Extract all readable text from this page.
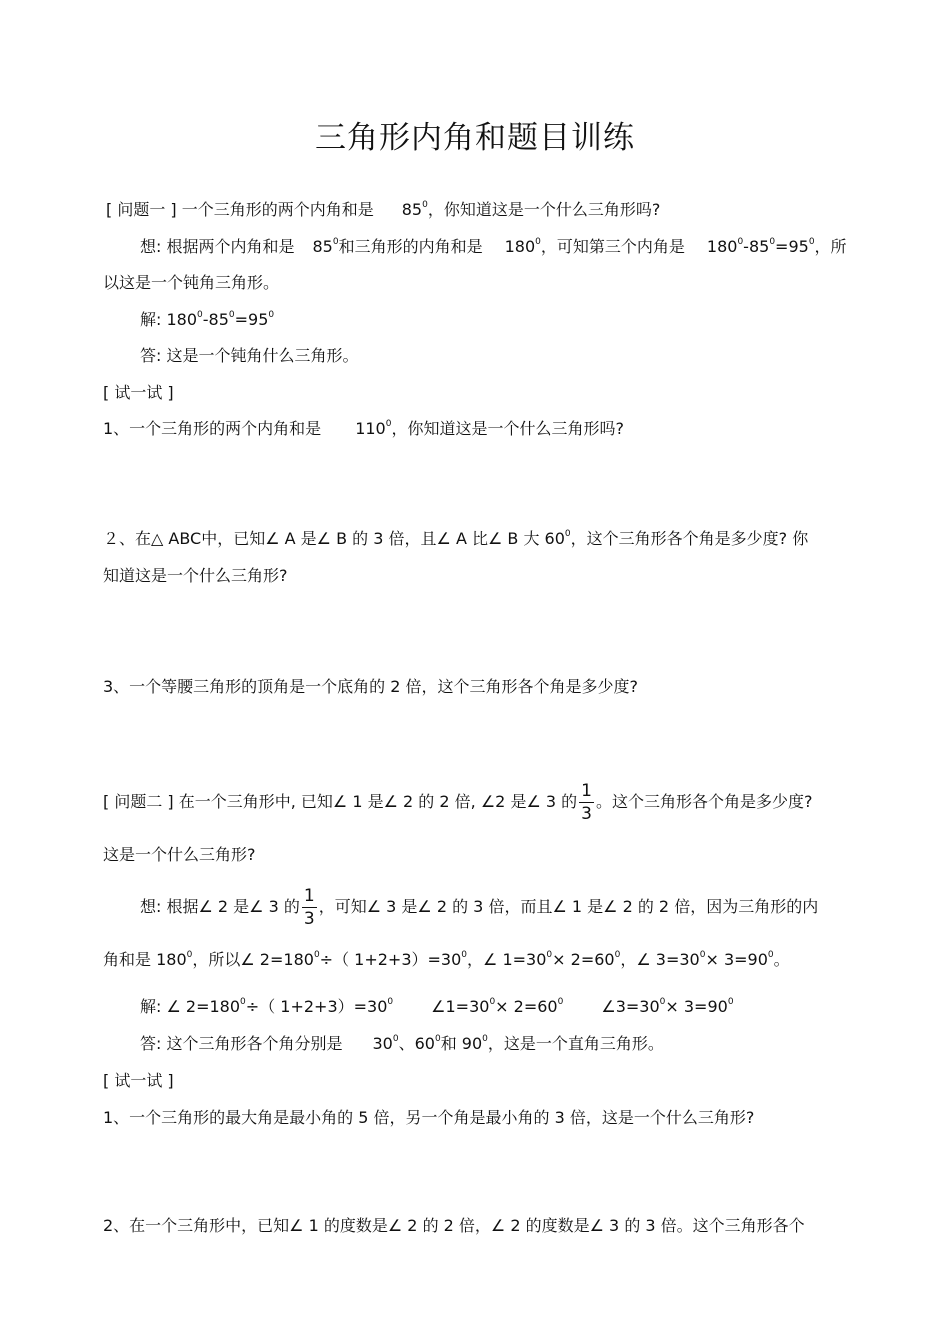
三角形内角和题目训练
[ 问题一 ] 一个三角形的两个内角和是 $85^0$，你知道这是一个什么三角形吗?
想: 根据两个内角和是 $85^0$和三角形的内角和是 $180^0$，可知第三个内角是 $180^0-85^0=95^0$，所
以这是一个钝角三角形。
解: $180^0-85^0=95^0$
答: 这是一个钝角什么三角形。
[ 试一试 ]
1、一个三角形的两个内角和是 $110^0$，你知道这是一个什么三角形吗?
２、在△ ABC中，已知∠ A 是∠ B 的 3 倍，且∠ A 比∠ B 大 $60^0$，这个三角形各个角是多少度? 你
知道这是一个什么三角形?
3、一个等腰三角形的顶角是一个底角的 2 倍，这个三角形各个角是多少度?
[ 问题二 ] 在一个三角形中, 已知∠ 1 是∠ 2 的 2 倍, ∠2 是∠ 3 的 $\frac{1}{3}$ 。这个三角形各个角是多少度?
这是一个什么三角形?
想: 根据∠ 2 是∠ 3 的 $\frac{1}{3}$ ，可知∠ 3 是∠ 2 的 3 倍，而且∠ 1 是∠ 2 的 2 倍，因为三角形的内
角和是 $180^0$，所以∠ $2=180^0\div$（ $1+2+3)=30^0$，∠ $1=30^0\times 2=60^0$，∠ $3=30^0\times 3=90^0$。
解: ∠ $2=180^0\div$（ $1+2+3)=30^0$ $\angle 1=30^0\times 2=60^0$ $\angle 3=30^0\times 3=90^0$
答: 这个三角形各个角分别是 $30^0$、$60^0$和 $90^0$，这是一个直角三角形。
[ 试一试 ]
1、一个三角形的最大角是最小角的 5 倍，另一个角是最小角的 3 倍，这是一个什么三角形?
2、在一个三角形中，已知∠ 1 的度数是∠ 2 的 2 倍，∠ 2 的度数是∠ 3 的 3 倍。这个三角形各个
